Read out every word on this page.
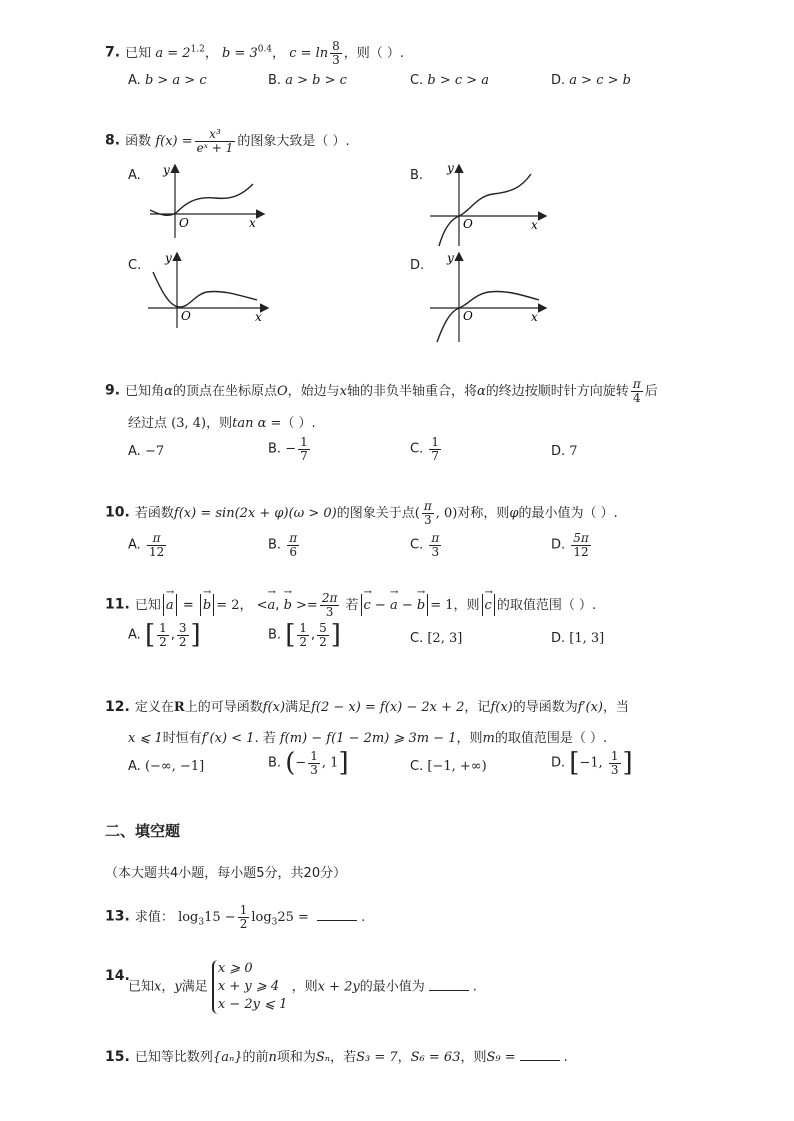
7. 已知 $a = 2^{1.2}$， $b = 3^{0.4}$， $c = \ln \frac{8}{3}$ ，则（ ）.
A. b > a > c	B. a > b > c	C. b > c > a	D. a > c > b
8. 函数 $f(x) = \frac{\text{x³}}{\text{eˣ + 1}}$ 的图象大致是（ ）.
A.	B.
C.	D.
y
O	x
y
O	x
y
O	x
y
O	x
9. 已知角α的顶点在坐标原点O，始边与x轴的非负半轴重合，将α的终边按顺时针方向旋转 $\frac{\pi}{4}$ 后
经过点 (3, 4)，则tan α =（ ）.
A. −7	B. − $\frac{1}{7}$	C. $\frac{1}{7}$	D. 7
10. 若函数f(x) = sin(2x + φ)(ω > 0)的图象关于点( $\frac{\pi}{3}$ , 0)对称，则φ的最小值为（ ）.
A. $\frac{\pi}{12}$	B. $\frac{\pi}{6}$	C. $\frac{\pi}{3}$	D. $\frac{5\pi}{12}$
11. 已知 → a = → b = 2， <→ a, → $b >= \frac{2\pi}{3}$ 若 → c − → a − → b = 1，则 → c 的取值范围（ ）.
A. [ $\frac{1}{2}$ , $\frac{3}{2}$ ]	B. [ $\frac{1}{2}$ , $\frac{5}{2}$ ]	C. [2, 3]	D. [1, 3]
12. 定义在R上的可导函数f(x)满足f(2 − x) = f(x) − 2x + 2，记f(x)的导函数为f′(x)，当
x ⩽ 1时恒有f′(x) < 1. 若 f(m) − f(1 − 2m) ⩾ 3m − 1，则m的取值范围是（ ）.
A. (−∞, −1]	B. (− $\frac{1}{3}$ , 1]	C. [−1, +∞)	D. [−1, $\frac{1}{3}$ ]
二、填空题
（本大题共4小题，每小题5分，共20分）
13. 求值： $\log_315 - \frac{1}{2} \log_325$ =	.
14.
已知x，y满足
x ⩾ 0
x + y ⩾ 4
x − 2y ⩽ 1
，则x + 2y的最小值为	.
15. 已知等比数列{aₙ}的前n项和为Sₙ，若S₃ = 7，S₆ = 63，则S₉ =	.
